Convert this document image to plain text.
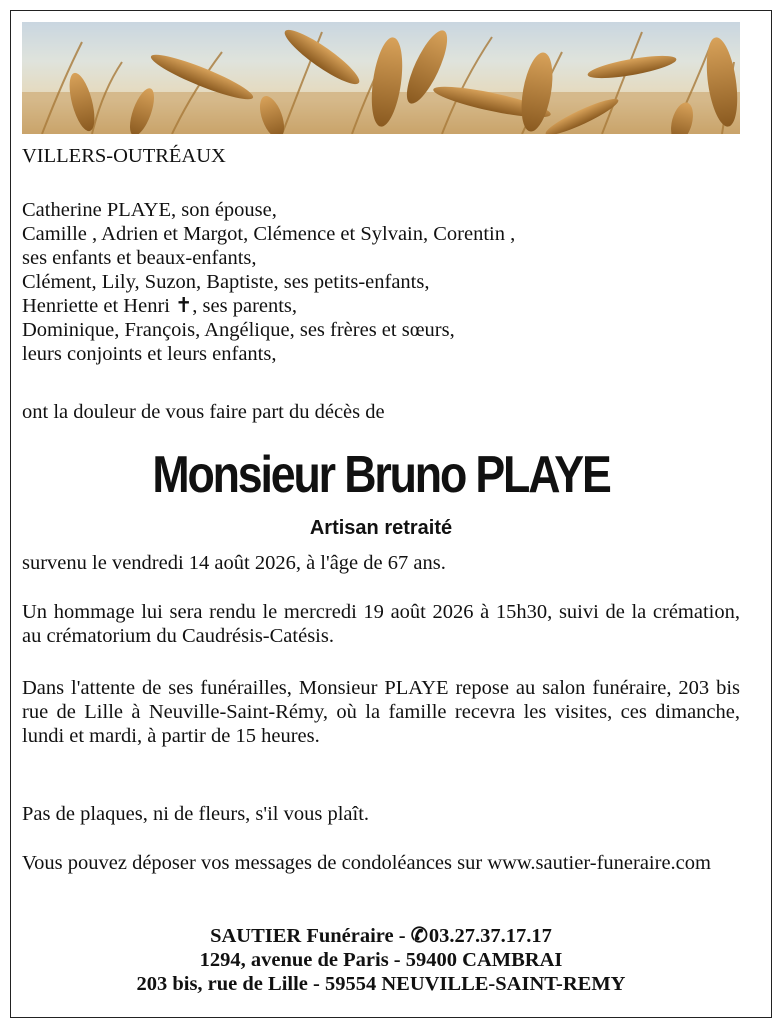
VILLERS-OUTRÉAUX
Catherine PLAYE, son épouse,
Camille , Adrien et Margot, Clémence et Sylvain, Corentin ,
ses enfants et beaux-enfants,
Clément, Lily, Suzon, Baptiste, ses petits-enfants,
Henriette et Henri ✝, ses parents,
Dominique, François, Angélique, ses frères et sœurs,
leurs conjoints et leurs enfants,
ont la douleur de vous faire part du décès de
Monsieur Bruno PLAYE
Artisan retraité
survenu le vendredi 14 août 2026, à l'âge de 67 ans.
Un hommage lui sera rendu le mercredi 19 août 2026 à 15h30, suivi de la crémation, au crématorium du Caudrésis-Catésis.
Dans l'attente de ses funérailles, Monsieur PLAYE repose au salon funéraire, 203 bis rue de Lille à Neuville-Saint-Rémy, où la famille recevra les visites, ces dimanche, lundi et mardi, à partir de 15 heures.
Pas de plaques, ni de fleurs, s'il vous plaît.
Vous pouvez déposer vos messages de condoléances sur www.sautier-funeraire.com
SAUTIER Funéraire - ✆03.27.37.17.17
1294, avenue de Paris - 59400 CAMBRAI
203 bis, rue de Lille - 59554 NEUVILLE-SAINT-REMY
